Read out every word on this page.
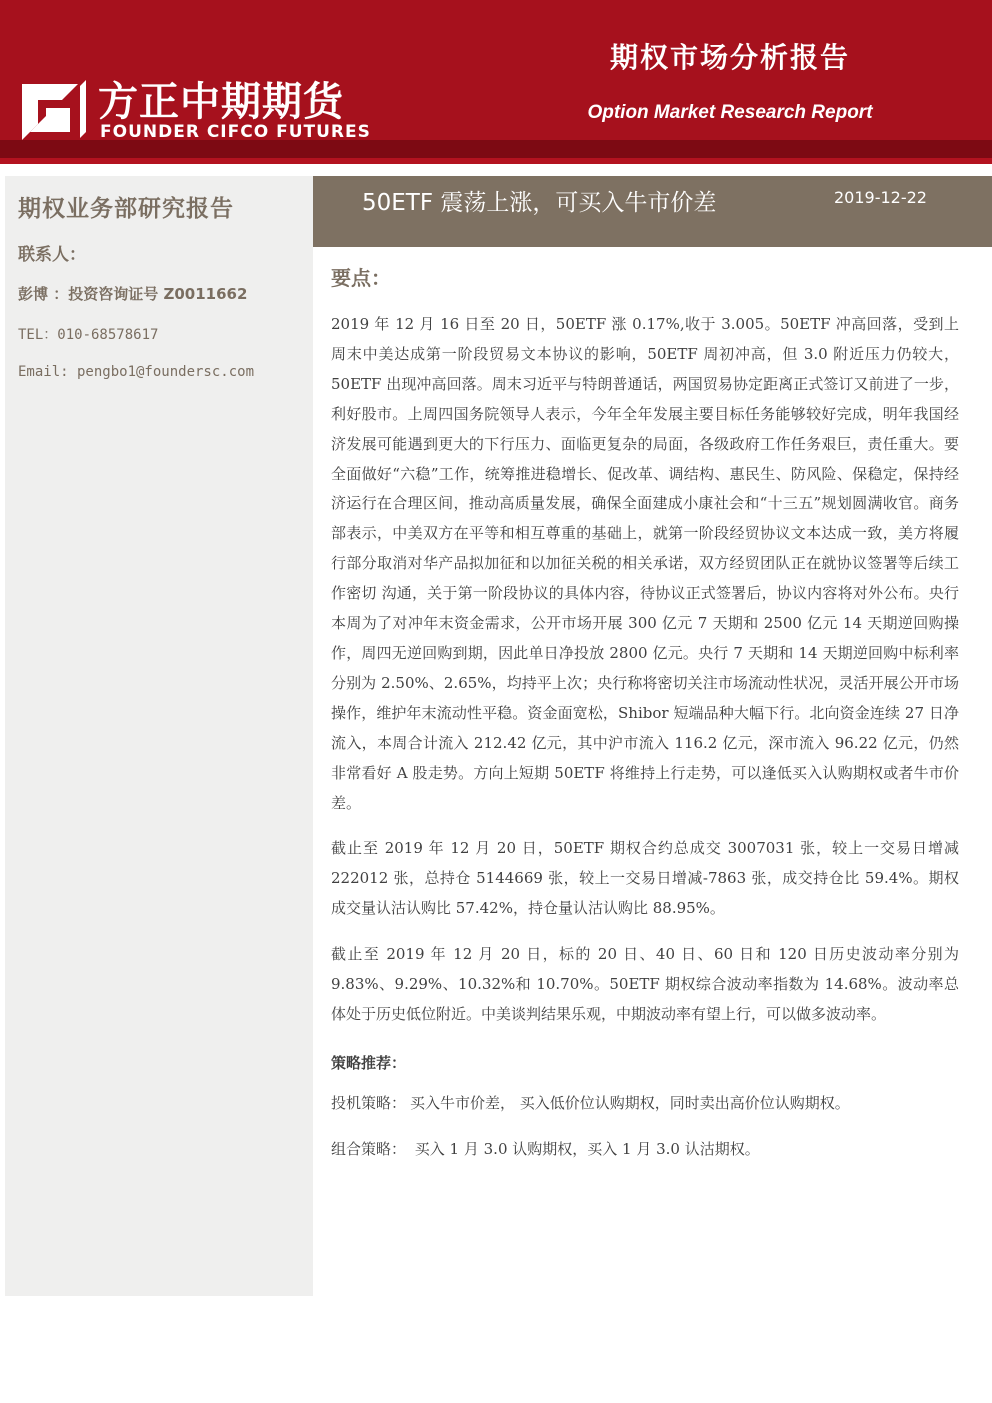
方正中期期货
FOUNDER CIFCO FUTURES
期权市场分析报告
Option Market Research Report
期权业务部研究报告
联系人：
彭博 ：投资咨询证号 Z0011662
TEL：010-68578617
Email: pengbo1@foundersc.com
50ETF 震荡上涨，可买入牛市价差	2019-12-22
要点：

2019 年 12 月 16 日至 20 日，50ETF 涨 0.17%,收于 3.005。50ETF 冲高回落，受到上周末中美达成第一阶段贸易文本协议的影响，50ETF 周初冲高，但 3.0 附近压力仍较大，50ETF 出现冲高回落。周末习近平与特朗普通话，两国贸易协定距离正式签订又前进了一步，利好股市。上周四国务院领导人表示，今年全年发展主要目标任务能够较好完成，明年我国经济发展可能遇到更大的下行压力、面临更复杂的局面，各级政府工作任务艰巨，责任重大。要全面做好“六稳”工作，统筹推进稳增长、促改革、调结构、惠民生、防风险、保稳定，保持经济运行在合理区间，推动高质量发展，确保全面建成小康社会和“十三五”规划圆满收官。商务部表示，中美双方在平等和相互尊重的基础上，就第一阶段经贸协议文本达成一致，美方将履行部分取消对华产品拟加征和以加征关税的相关承诺，双方经贸团队正在就协议签署等后续工作密切 沟通，关于第一阶段协议的具体内容，待协议正式签署后，协议内容将对外公布。央行本周为了对冲年末资金需求，公开市场开展 300 亿元 7 天期和 2500 亿元 14 天期逆回购操作，周四无逆回购到期，因此单日净投放 2800 亿元。央行 7 天期和 14 天期逆回购中标利率分别为 2.50%、2.65%，均持平上次；央行称将密切关注市场流动性状况，灵活开展公开市场操作，维护年末流动性平稳。资金面宽松，Shibor 短端品种大幅下行。北向资金连续 27 日净流入，本周合计流入 212.42 亿元，其中沪市流入 116.2 亿元，深市流入 96.22 亿元，仍然非常看好 A 股走势。方向上短期 50ETF 将维持上行走势，可以逢低买入认购期权或者牛市价差。

截止至 2019 年 12 月 20 日，50ETF 期权合约总成交 3007031 张，较上一交易日增减 222012 张，总持仓 5144669 张，较上一交易日增减-7863 张，成交持仓比 59.4%。期权成交量认沽认购比 57.42%，持仓量认沽认购比 88.95%。

截止至 2019 年 12 月 20 日，标的 20 日、40 日、60 日和 120 日历史波动率分别为 9.83%、9.29%、10.32%和 10.70%。50ETF 期权综合波动率指数为 14.68%。波动率总体处于历史低位附近。中美谈判结果乐观，中期波动率有望上行，可以做多波动率。

策略推荐：
投机策略： 买入牛市价差， 买入低价位认购期权，同时卖出高价位认购期权。
组合策略： 买入 1 月 3.0 认购期权，买入 1 月 3.0 认沽期权。
